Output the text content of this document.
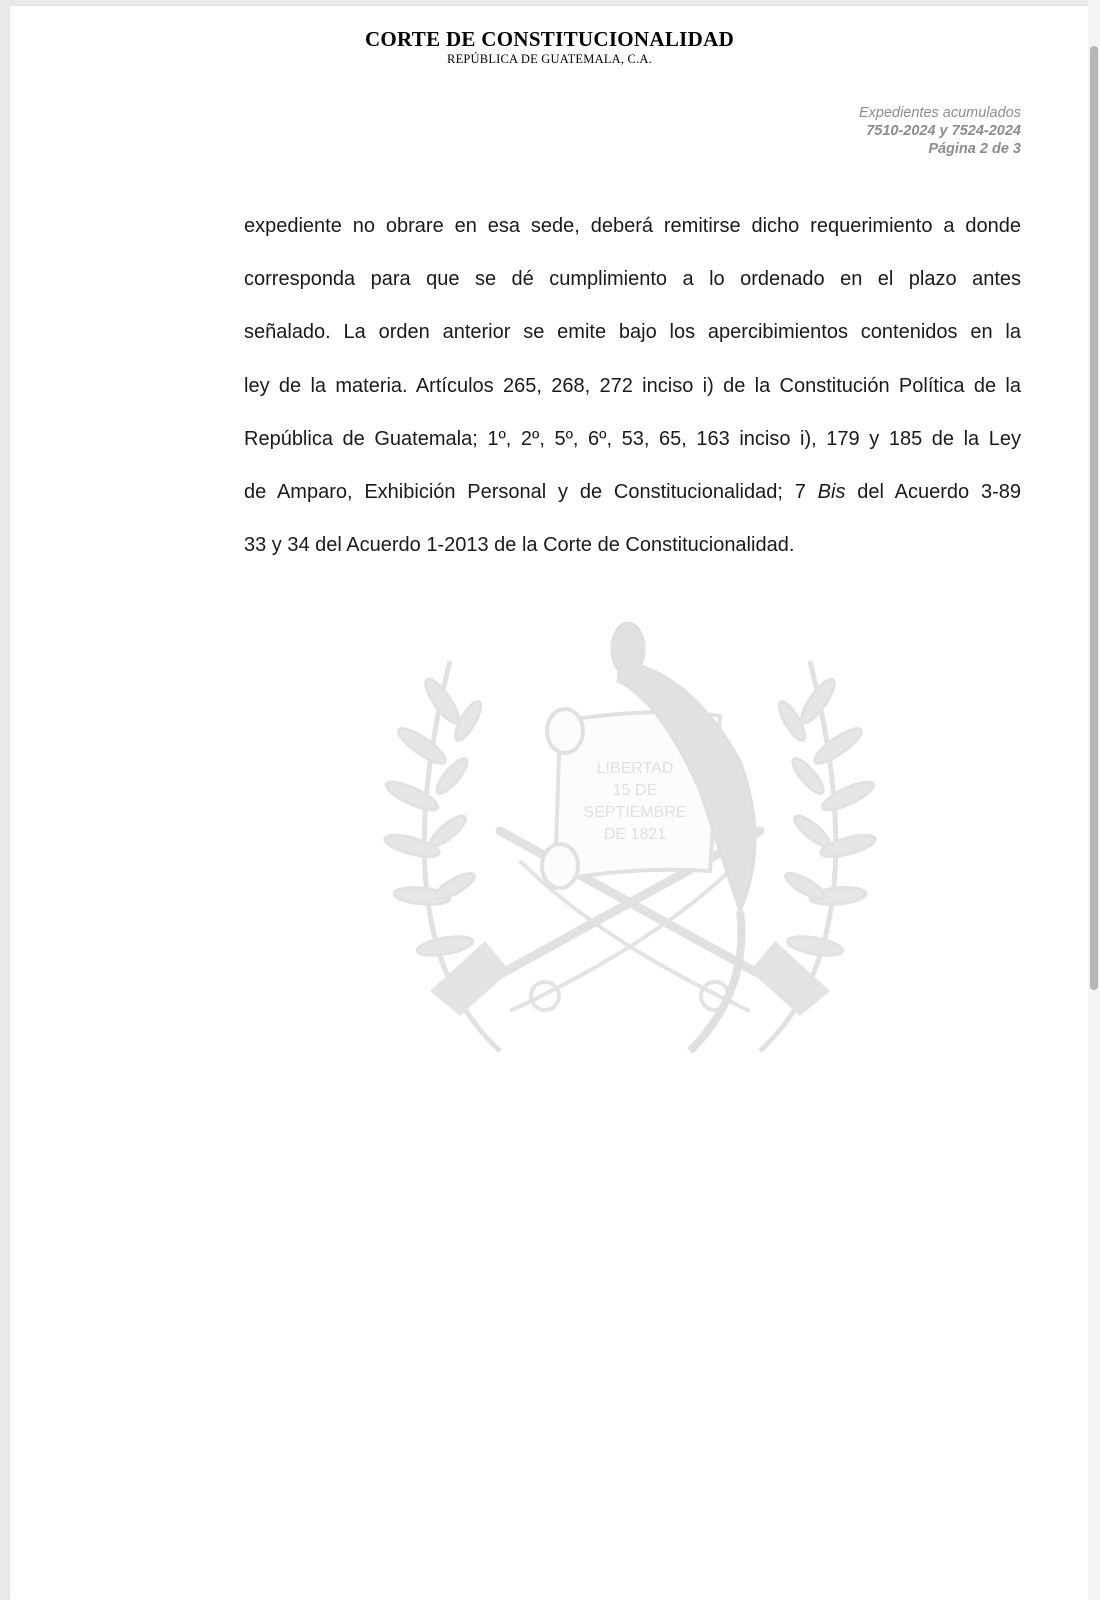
CORTE DE CONSTITUCIONALIDAD
REPÚBLICA DE GUATEMALA, C.A.
Expedientes acumulados
7510-2024 y 7524-2024
Página 2 de 3
expediente no obrare en esa sede, deberá remitirse dicho requerimiento a donde
corresponda para que se dé cumplimiento a lo ordenado en el plazo antes
señalado. La orden anterior se emite bajo los apercibimientos contenidos en la
ley de la materia. Artículos 265, 268, 272 inciso i) de la Constitución Política de la
República de Guatemala; 1º, 2º, 5º, 6º, 53, 65, 163 inciso i), 179 y 185 de la Ley
de Amparo, Exhibición Personal y de Constitucionalidad; 7 Bis del Acuerdo 3-89
33 y 34 del Acuerdo 1-2013 de la Corte de Constitucionalidad.
LIBERTAD
15 DE
SEPTIEMBRE
DE 1821
